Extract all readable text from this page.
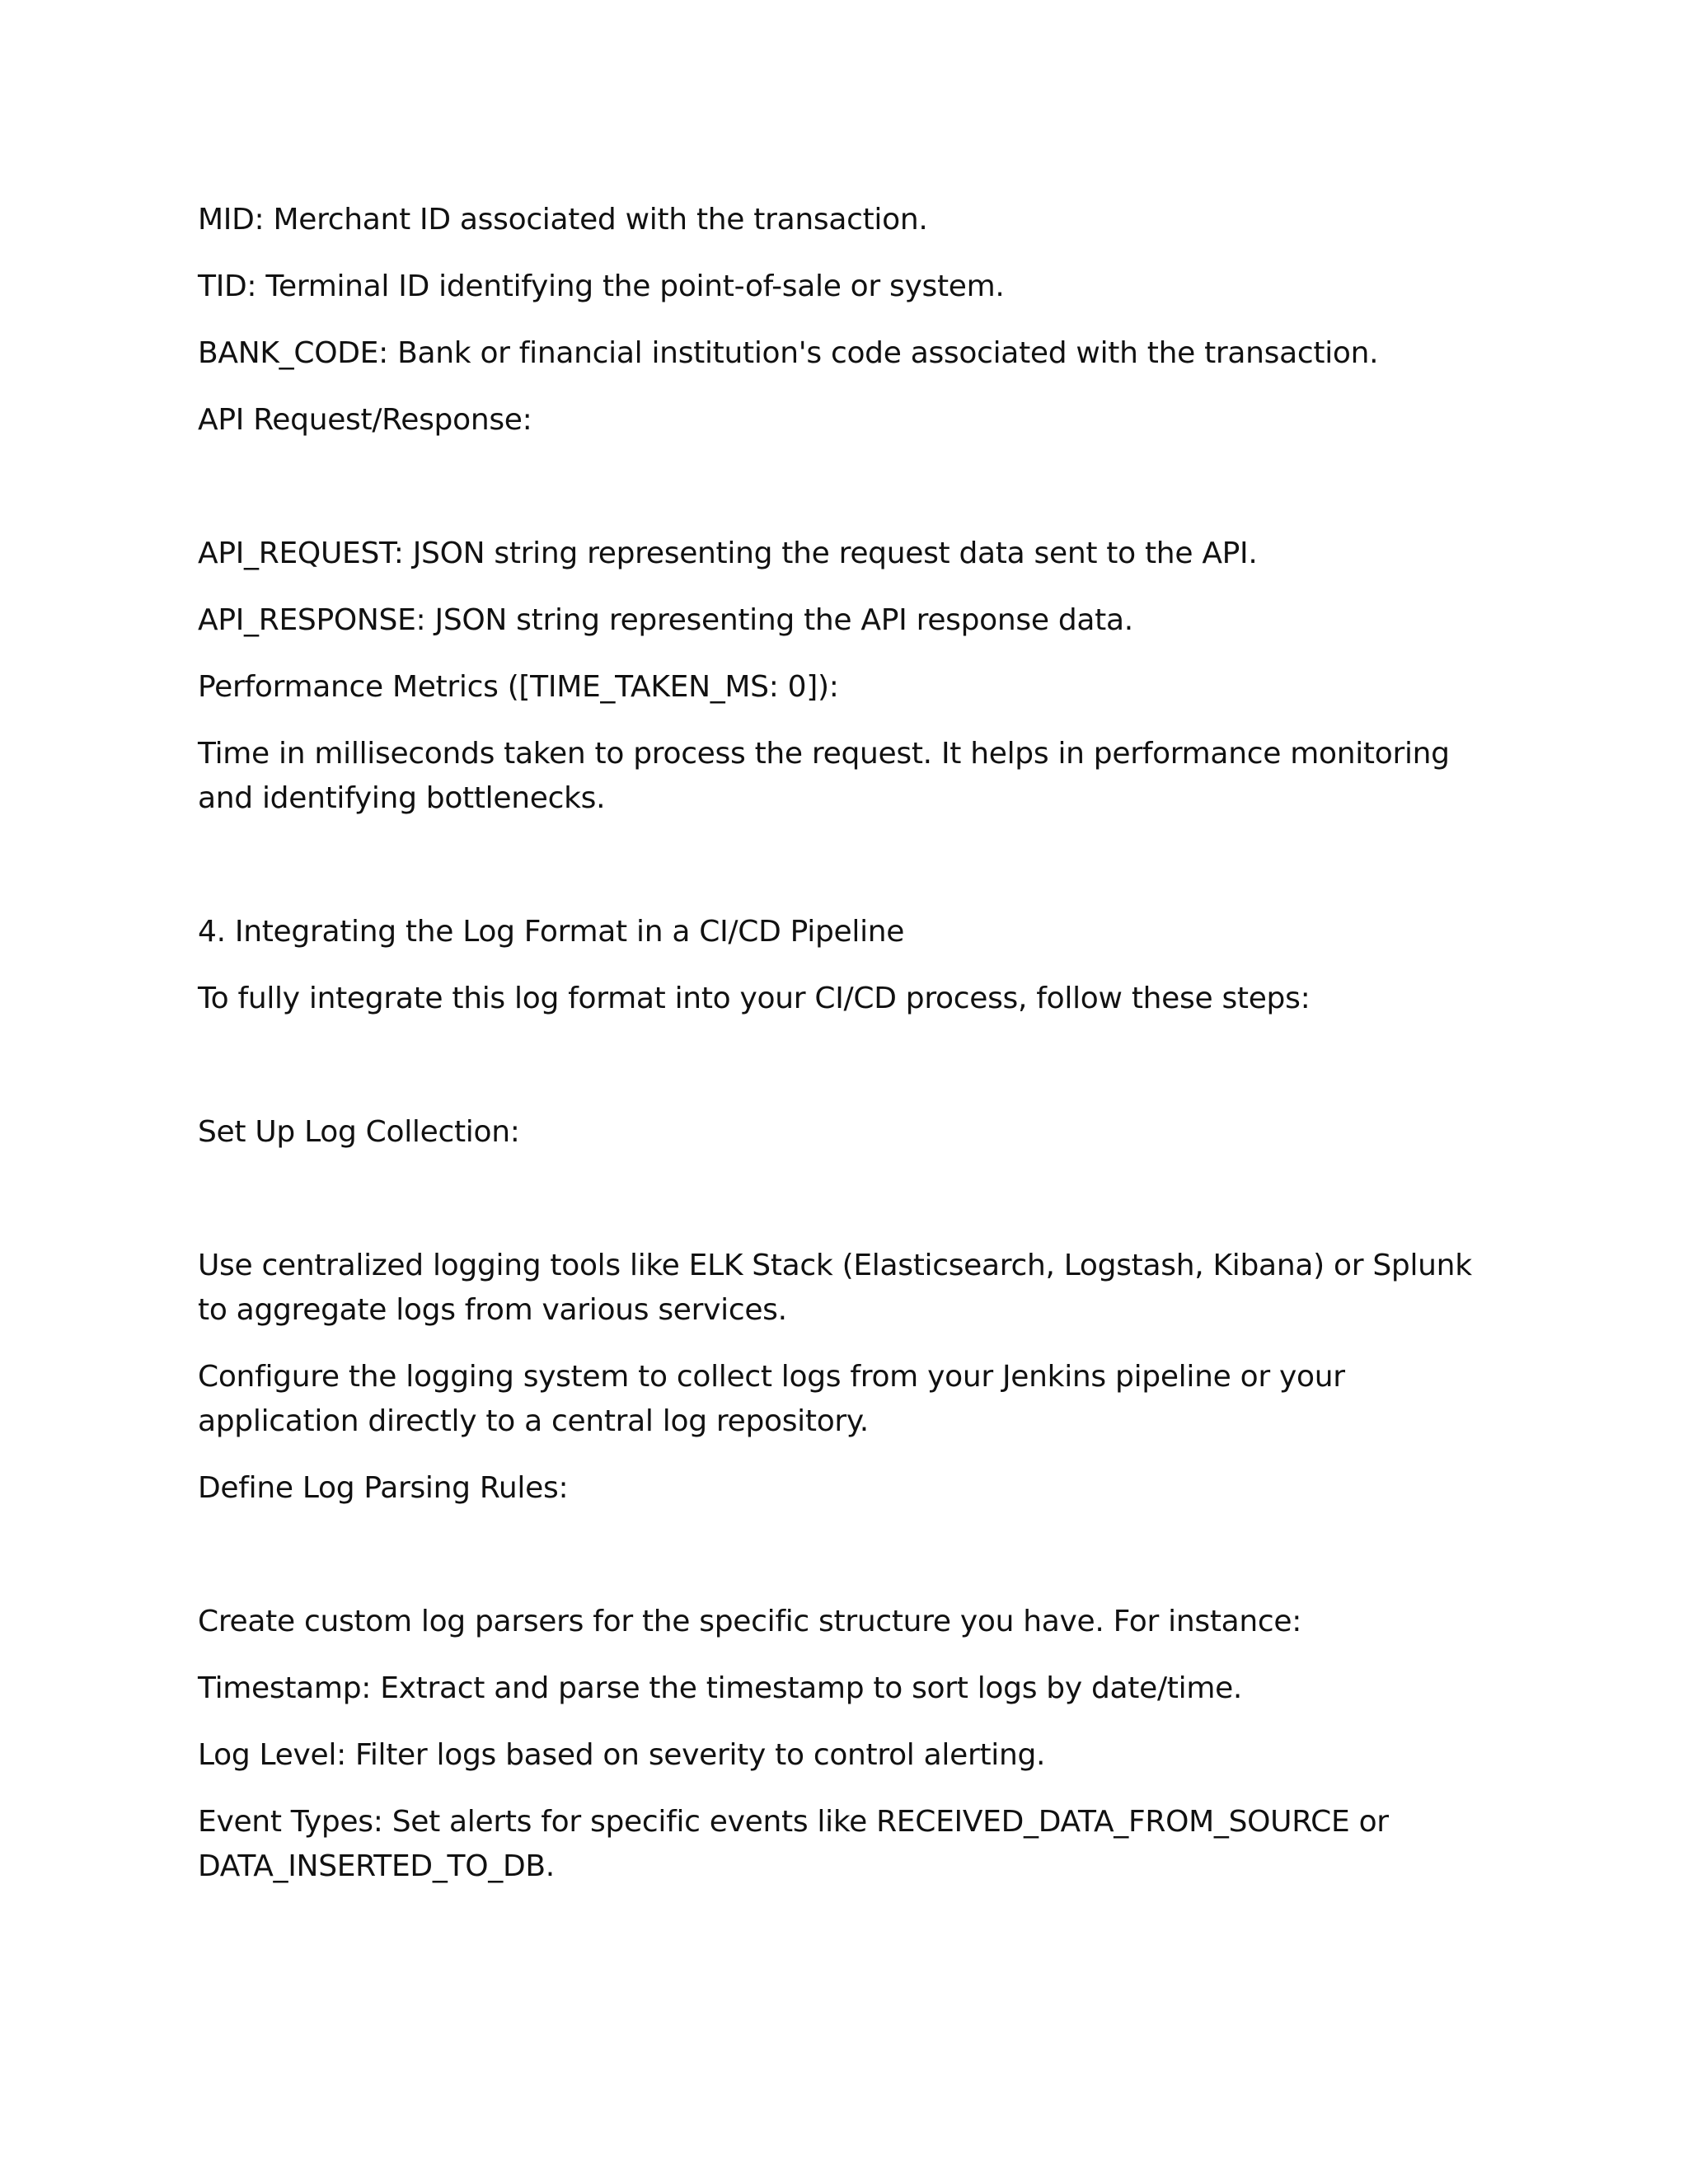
MID: Merchant ID associated with the transaction.

TID: Terminal ID identifying the point-of-sale or system.

BANK_CODE: Bank or financial institution's code associated with the transaction.

API Request/Response:

API_REQUEST: JSON string representing the request data sent to the API.

API_RESPONSE: JSON string representing the API response data.

Performance Metrics ([TIME_TAKEN_MS: 0]):

Time in milliseconds taken to process the request. It helps in performance monitoring and identifying bottlenecks.

4. Integrating the Log Format in a CI/CD Pipeline

To fully integrate this log format into your CI/CD process, follow these steps:

Set Up Log Collection:

Use centralized logging tools like ELK Stack (Elasticsearch, Logstash, Kibana) or Splunk to aggregate logs from various services.

Configure the logging system to collect logs from your Jenkins pipeline or your application directly to a central log repository.

Define Log Parsing Rules:

Create custom log parsers for the specific structure you have. For instance:

Timestamp: Extract and parse the timestamp to sort logs by date/time.

Log Level: Filter logs based on severity to control alerting.

Event Types: Set alerts for specific events like RECEIVED_DATA_FROM_SOURCE or DATA_INSERTED_TO_DB.
